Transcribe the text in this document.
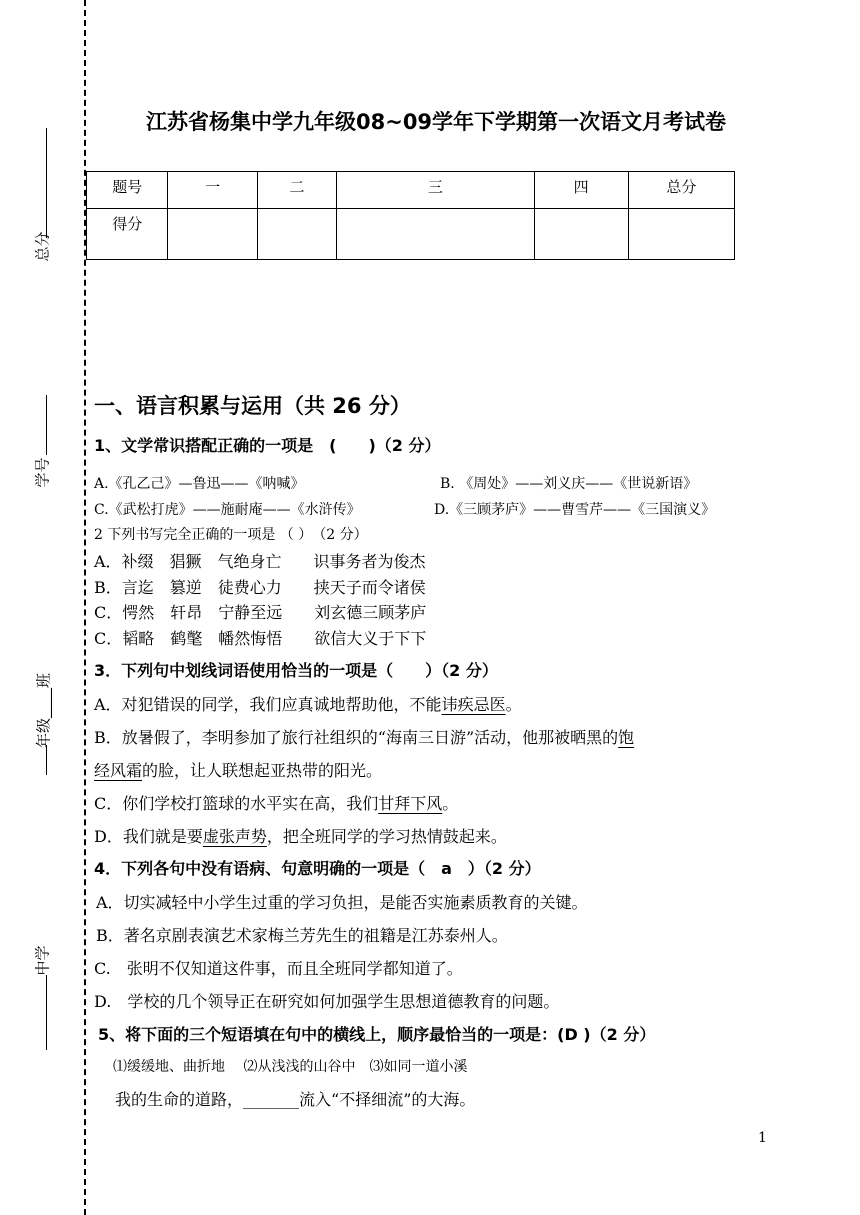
总分
学号
年级____班
中学
江苏省杨集中学九年级08~09学年下学期第一次语文月考试卷
题号	一	二	三	四	总分
得分					
一、语言积累与运用（共 26 分）
1、文学常识搭配正确的一项是　(　　)（2 分）
A.《孔乙己》—鲁迅——《呐喊》	B. 《周处》——刘义庆——《世说新语》
C.《武松打虎》——施耐庵——《水浒传》	D.《三顾茅庐》——曹雪芹——《三国演义》
2 下列书写完全正确的一项是 （ ）　（2 分）
A．补缀　猖獗　气绝身亡　　识事务者为俊杰
B．言迄　篡逆　徒费心力　　挟天子而令诸侯
C．愕然　轩昂　宁静至远　　刘玄德三顾茅庐
C．韬略　鹤氅　幡然悔悟　　欲信大义于下下
3．下列句中划线词语使用恰当的一项是（　　）（2 分）
A．对犯错误的同学，我们应真诚地帮助他，不能讳疾忌医。
B．放暑假了，李明参加了旅行社组织的“海南三日游”活动，他那被晒黑的饱
经风霜的脸，让人联想起亚热带的阳光。
C．你们学校打篮球的水平实在高，我们甘拜下风。
D．我们就是要虚张声势，把全班同学的学习热情鼓起来。
4．下列各句中没有语病、句意明确的一项是（　a　）（2 分）
A．切实减轻中小学生过重的学习负担，是能否实施素质教育的关键。
B．著名京剧表演艺术家梅兰芳先生的祖籍是江苏泰州人。
C.　张明不仅知道这件事，而且全班同学都知道了。
D.　学校的几个领导正在研究如何加强学生思想道德教育的问题。
5、将下面的三个短语填在句中的横线上，顺序最恰当的一项是：(D )（2 分）
⑴缓缓地、曲折地　 ⑵从浅浅的山谷中　⑶如同一道小溪
我的生命的道路，_______流入“不择细流”的大海。
1
